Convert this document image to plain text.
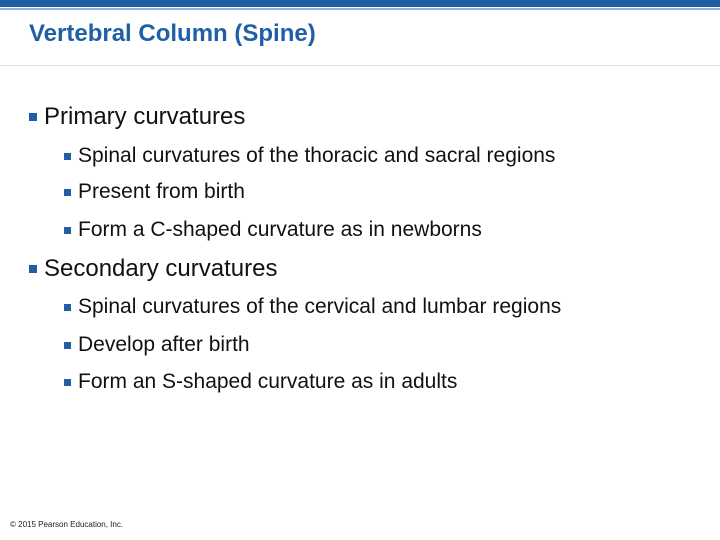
Vertebral Column (Spine)
Primary curvatures
Spinal curvatures of the thoracic and sacral regions
Present from birth
Form a C-shaped curvature as in newborns
Secondary curvatures
Spinal curvatures of the cervical and lumbar regions
Develop after birth
Form an S-shaped curvature as in adults
© 2015 Pearson Education, Inc.
